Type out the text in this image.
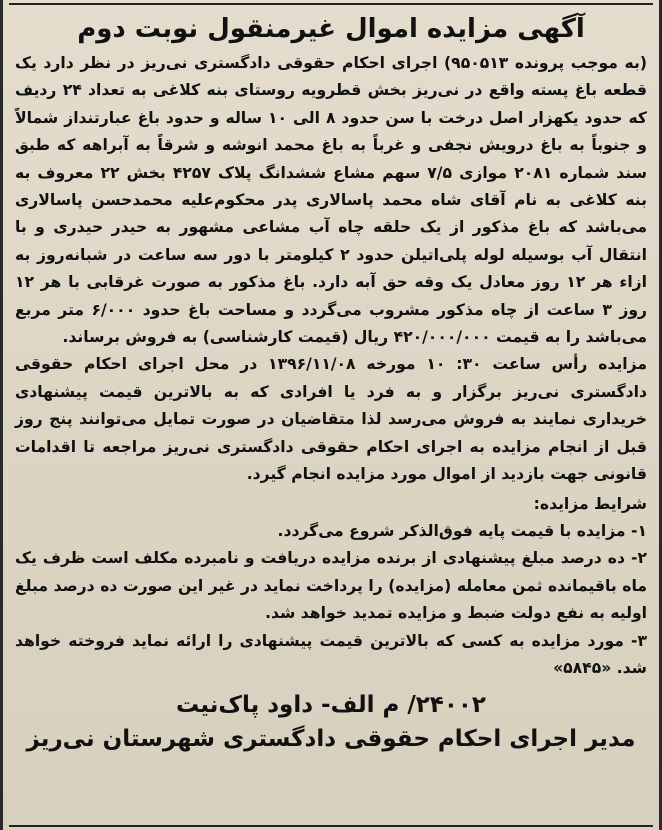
آگهی مزایده اموال غیرمنقول نوبت دوم

(به موجب پرونده ۹۵۰۵۱۳) اجرای احکام حقوقی دادگستری نی‌ریز در نظر دارد یک قطعه باغ پسته واقع در نی‌ریز بخش قطرویه روستای بنه کلاغی به تعداد ۲۴ ردیف که حدود یکهزار اصل درخت با سن حدود ۸ الی ۱۰ ساله و حدود باغ عبارتنداز شمالاً و جنوباً به باغ درویش نجفی و غرباً به باغ محمد انوشه و شرقاً به آبراهه که طبق سند شماره ۲۰۸۱ موازی ۷/۵ سهم مشاع ششدانگ پلاک ۴۲۵۷ بخش ۲۲ معروف به بنه کلاغی به نام آقای شاه محمد پاسالاری پدر محکوم‌علیه محمدحسن پاسالاری می‌باشد که باغ مذکور از یک حلقه چاه آب مشاعی مشهور به حیدر حیدری و با انتقال آب بوسیله لوله پلی‌اتیلن حدود ۲ کیلومتر با دور سه ساعت در شبانه‌روز به ازاء هر ۱۲ روز معادل یک وقه حق آبه دارد. باغ مذکور به صورت غرقابی با هر ۱۲ روز ۳ ساعت از چاه مذکور مشروب می‌گردد و مساحت باغ حدود ۶/۰۰۰ متر مربع می‌باشد را به قیمت ۴۲۰/۰۰۰/۰۰۰ ریال (قیمت کارشناسی) به فروش برساند.

مزایده رأس ساعت ۳۰: ۱۰ مورخه ۱۳۹۶/۱۱/۰۸ در محل اجرای احکام حقوقی دادگستری نی‌ریز برگزار و به فرد یا افرادی که به بالاترین قیمت پیشنهادی خریداری نمایند به فروش می‌رسد لذا متقاضیان در صورت تمایل می‌توانند پنج روز قبل از انجام مزایده به اجرای احکام حقوقی دادگستری نی‌ریز مراجعه تا اقدامات قانونی جهت بازدید از اموال مورد مزایده انجام گیرد.

شرایط مزایده:

۱- مزایده با قیمت پایه فوق‌الذکر شروع می‌گردد.

۲- ده درصد مبلغ پیشنهادی از برنده مزایده دریافت و نامبرده مکلف است ظرف یک ماه باقیمانده ثمن معامله (مزایده) را پرداخت نماید در غیر این صورت ده درصد مبلغ اولیه به نفع دولت ضبط و مزایده تمدید خواهد شد.

۳- مورد مزایده به کسی که بالاترین قیمت پیشنهادی را ارائه نماید فروخته خواهد شد. «۵۸۴۵»

۲۴۰۰۲/ م الف- داود پاک‌نیت
مدیر اجرای احکام حقوقی دادگستری شهرستان نی‌ریز
